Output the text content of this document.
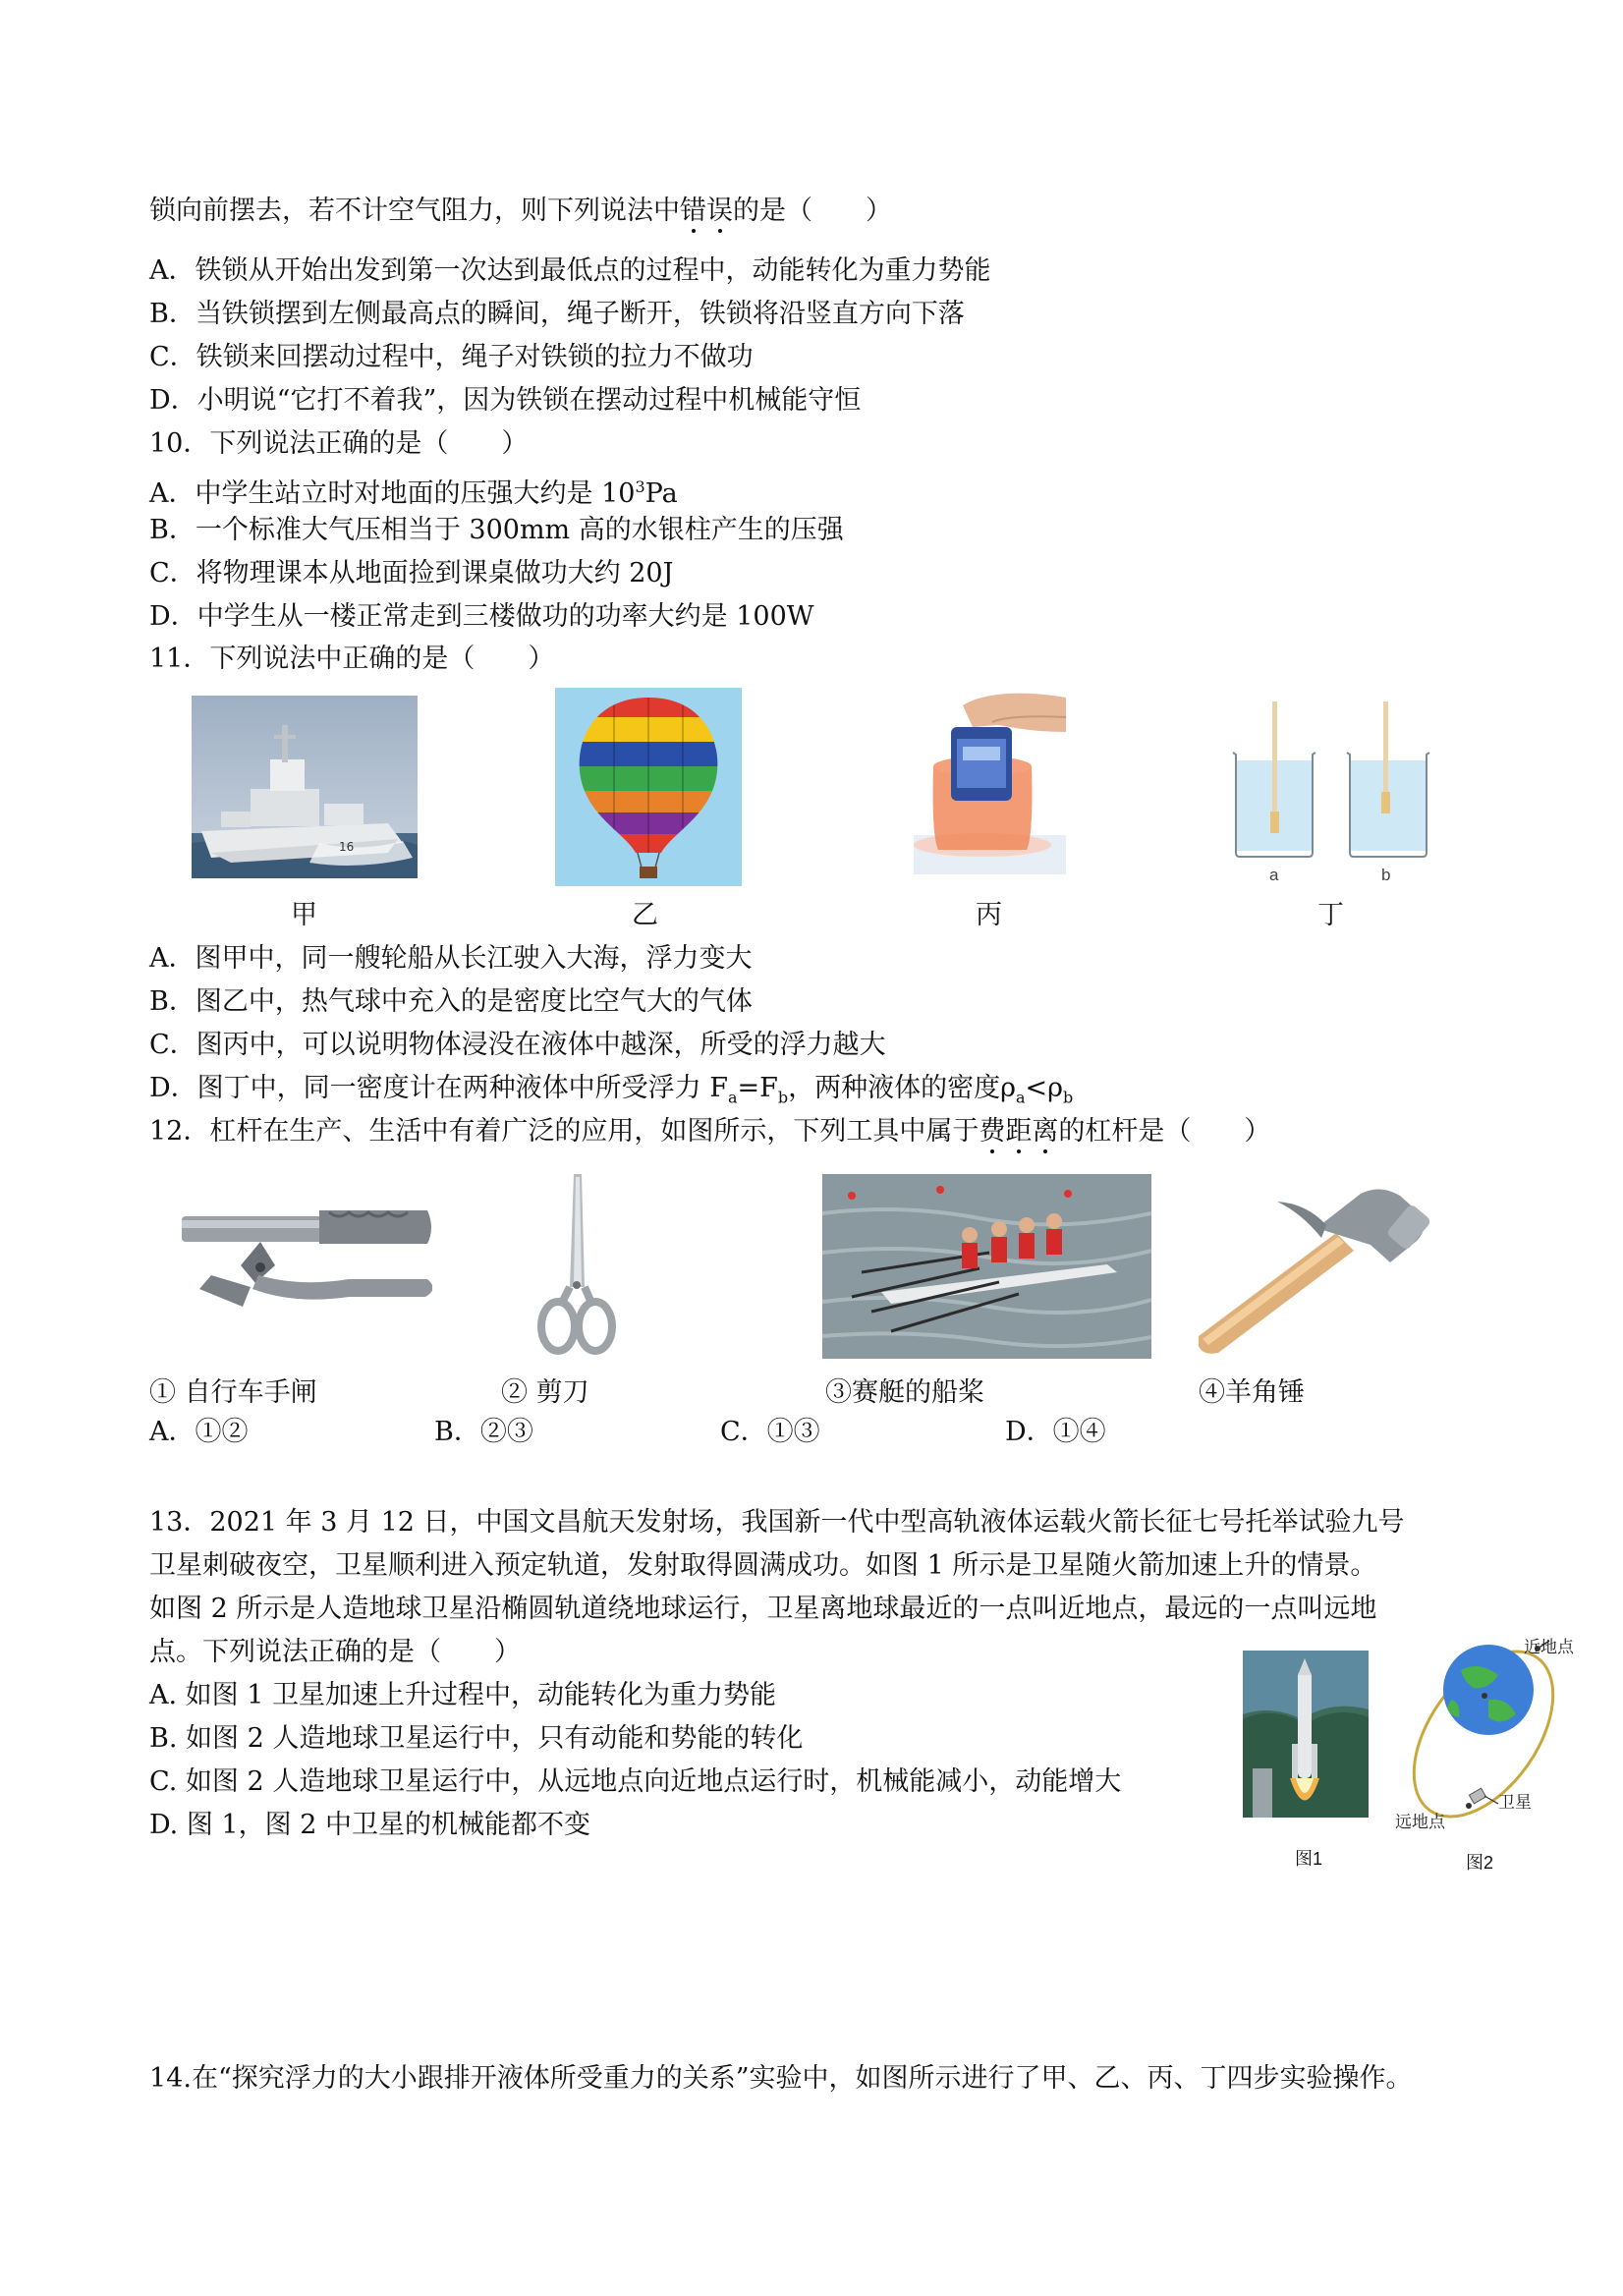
锁向前摆去，若不计空气阻力，则下列说法中错误的是（　　）
A．铁锁从开始出发到第一次达到最低点的过程中，动能转化为重力势能
B．当铁锁摆到左侧最高点的瞬间，绳子断开，铁锁将沿竖直方向下落
C．铁锁来回摆动过程中，绳子对铁锁的拉力不做功
D．小明说“它打不着我”，因为铁锁在摆动过程中机械能守恒
10．下列说法正确的是（　　）
A．中学生站立时对地面的压强大约是 $10^3Pa$
B．一个标准大气压相当于 300mm 高的水银柱产生的压强
C．将物理课本从地面捡到课桌做功大约 20J
D．中学生从一楼正常走到三楼做功的功率大约是 100W
11．下列说法中正确的是（　　）
16
a	b
甲	乙	丙	丁
A．图甲中，同一艘轮船从长江驶入大海，浮力变大
B．图乙中，热气球中充入的是密度比空气大的气体
C．图丙中，可以说明物体浸没在液体中越深，所受的浮力越大
D．图丁中，同一密度计在两种液体中所受浮力 $F_a=F_b$，两种液体的密度$\rho_a<\rho_b$
12．杠杆在生产、生活中有着广泛的应用，如图所示，下列工具中属于费距离的杠杆是（　　）
① 自行车手闸	② 剪刀	③赛艇的船桨	④羊角锤
A．①②	B．②③	C．①③	D．①④
13．2021 年 3 月 12 日，中国文昌航天发射场，我国新一代中型高轨液体运载火箭长征七号托举试验九号
卫星刺破夜空，卫星顺利进入预定轨道，发射取得圆满成功。如图 1 所示是卫星随火箭加速上升的情景。
如图 2 所示是人造地球卫星沿椭圆轨道绕地球运行，卫星离地球最近的一点叫近地点，最远的一点叫远地
点。下列说法正确的是（　　）
A. 如图 1 卫星加速上升过程中，动能转化为重力势能
B. 如图 2 人造地球卫星运行中，只有动能和势能的转化
C. 如图 2 人造地球卫星运行中，从远地点向近地点运行时，机械能减小，动能增大
D. 图 1，图 2 中卫星的机械能都不变
图1
近地点
卫星
远地点
图2
14.在“探究浮力的大小跟排开液体所受重力的关系”实验中，如图所示进行了甲、乙、丙、丁四步实验操作。
